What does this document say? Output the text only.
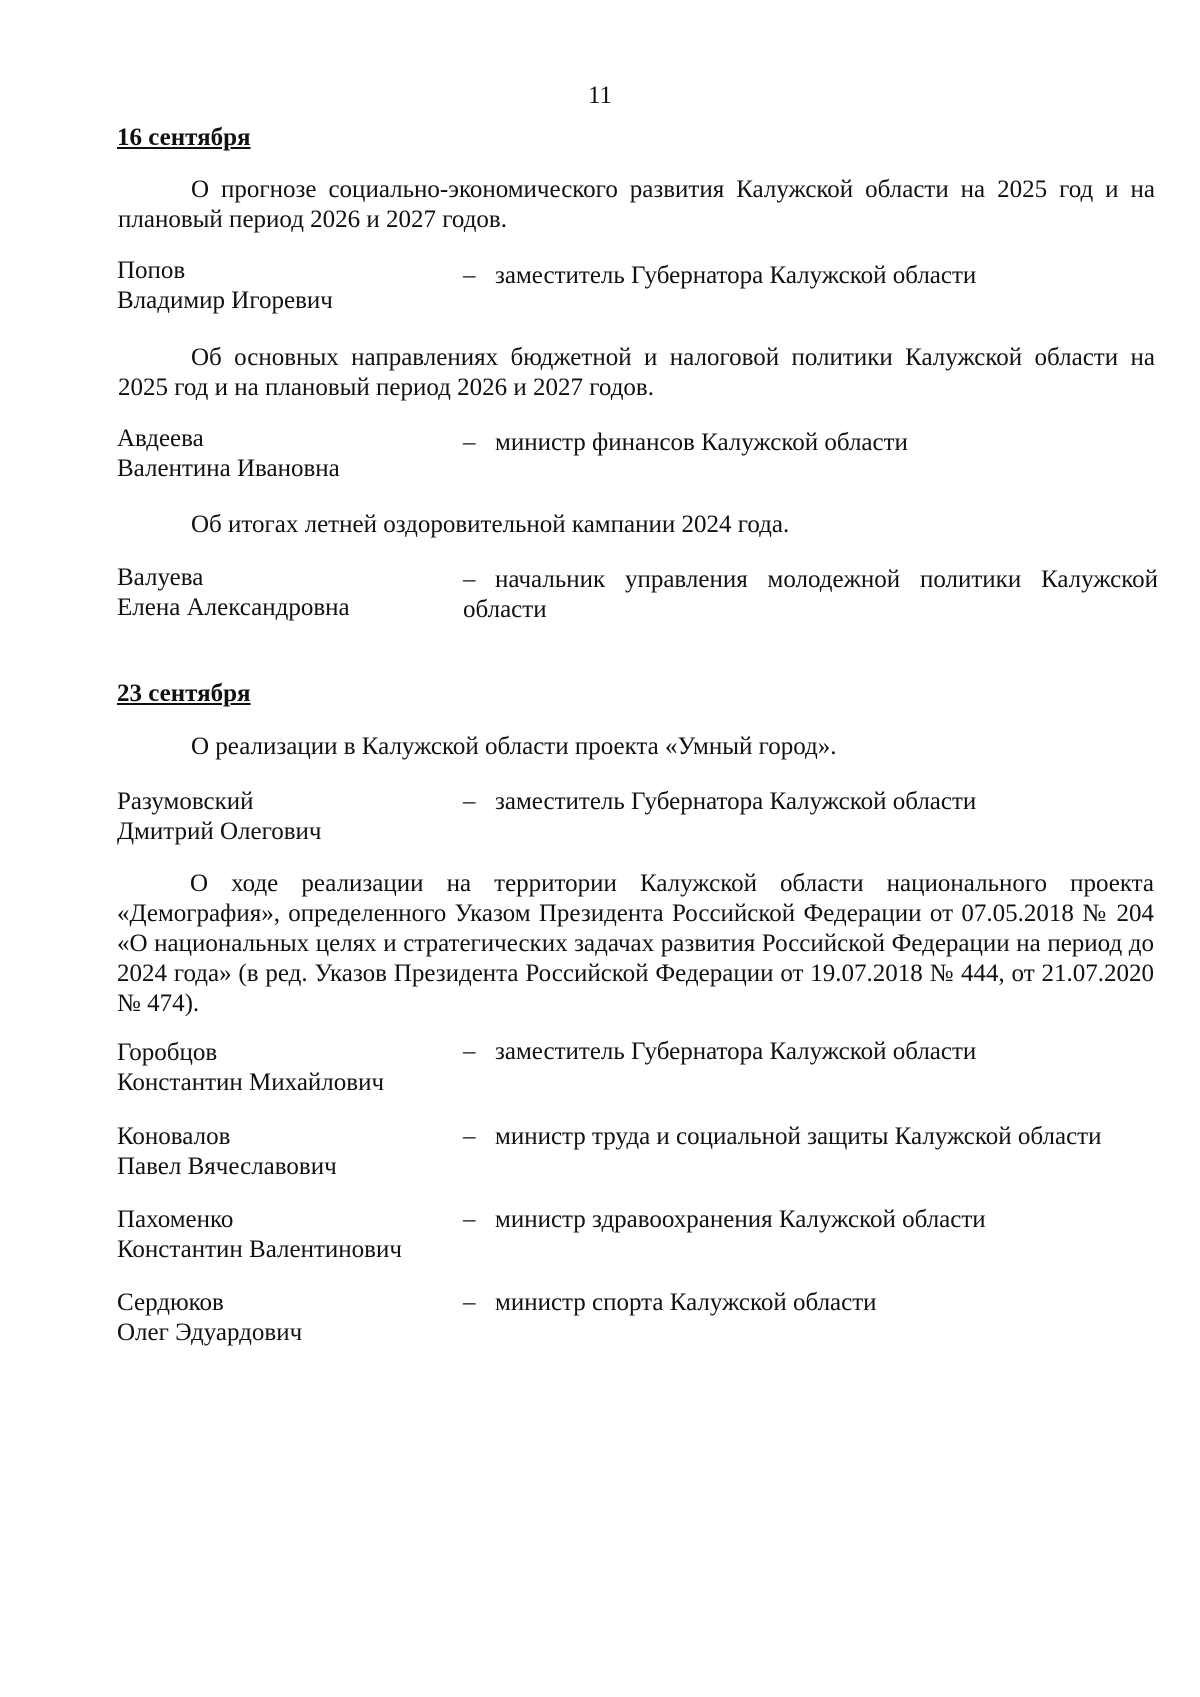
11
16 сентября
О прогнозе социально-экономического развития Калужской области на 2025 год и на плановый период 2026 и 2027 годов.
Попов
Владимир Игоревич
– заместитель Губернатора Калужской области
Об основных направлениях бюджетной и налоговой политики Калужской области на 2025 год и на плановый период 2026 и 2027 годов.
Авдеева
Валентина Ивановна
– министр финансов Калужской области
Об итогах летней оздоровительной кампании 2024 года.
Валуева
Елена Александровна
– начальник управления молодежной политики Калужской области
23 сентября
О реализации в Калужской области проекта «Умный город».
Разумовский
Дмитрий Олегович
– заместитель Губернатора Калужской области
О ходе реализации на территории Калужской области национального проекта «Демография», определенного Указом Президента Российской Федерации от 07.05.2018 № 204 «О национальных целях и стратегических задачах развития Российской Федерации на период до 2024 года» (в ред. Указов Президента Российской Федерации от 19.07.2018 № 444, от 21.07.2020 № 474).
Горобцов
Константин Михайлович
– заместитель Губернатора Калужской области
Коновалов
Павел Вячеславович
– министр труда и социальной защиты Калужской области
Пахоменко
Константин Валентинович
– министр здравоохранения Калужской области
Сердюков
Олег Эдуардович
– министр спорта Калужской области
